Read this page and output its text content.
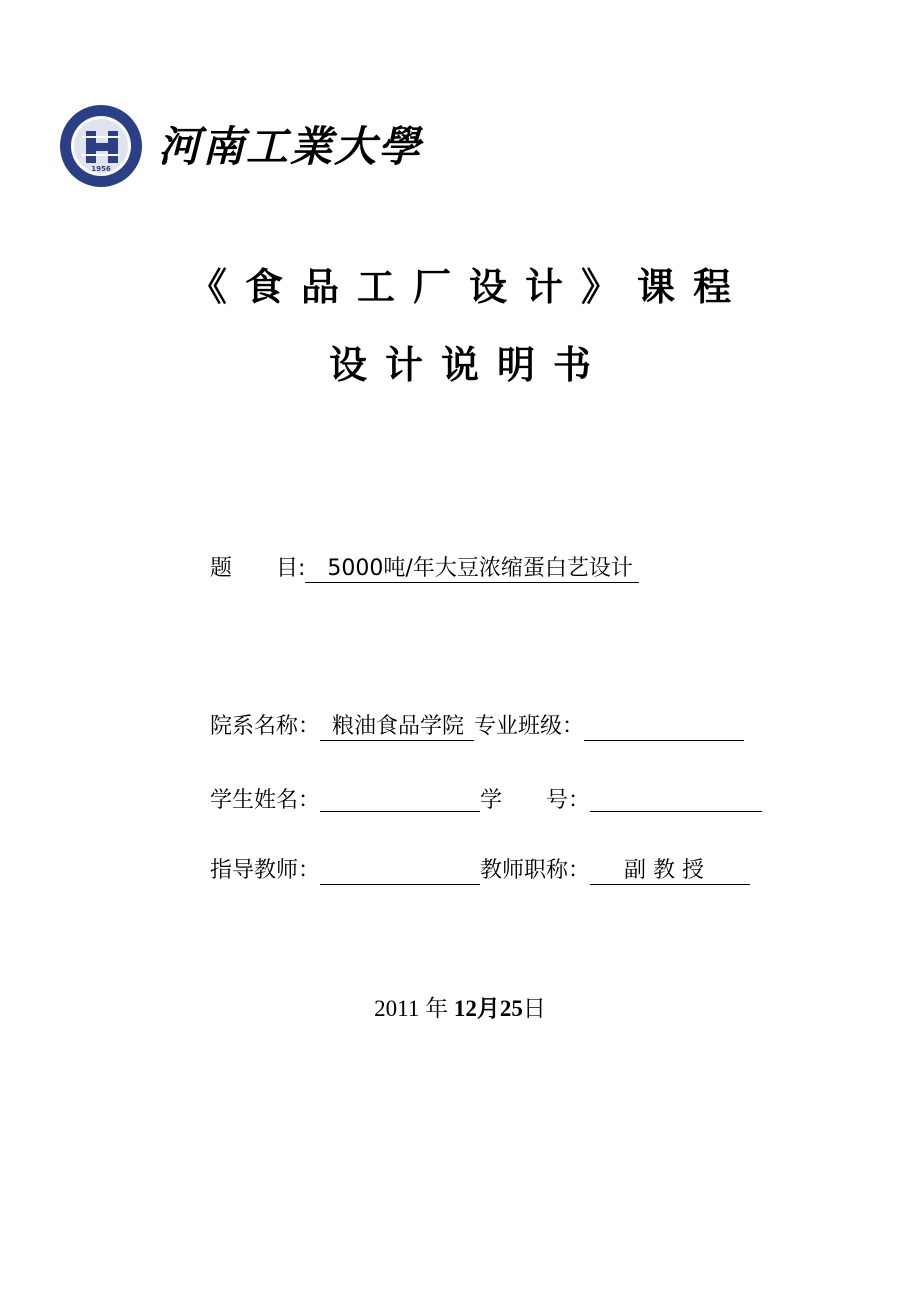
1956 河南工業大學
《 食 品 工 厂 设 计 》 课 程
设 计 说 明 书
题　　目: 5000吨/年大豆浓缩蛋白艺设计
院系名称： 粮油食品学院 专业班级：
学生姓名：	学　　号：
指导教师：	教师职称： 副 教 授
2011 年 12月25日
